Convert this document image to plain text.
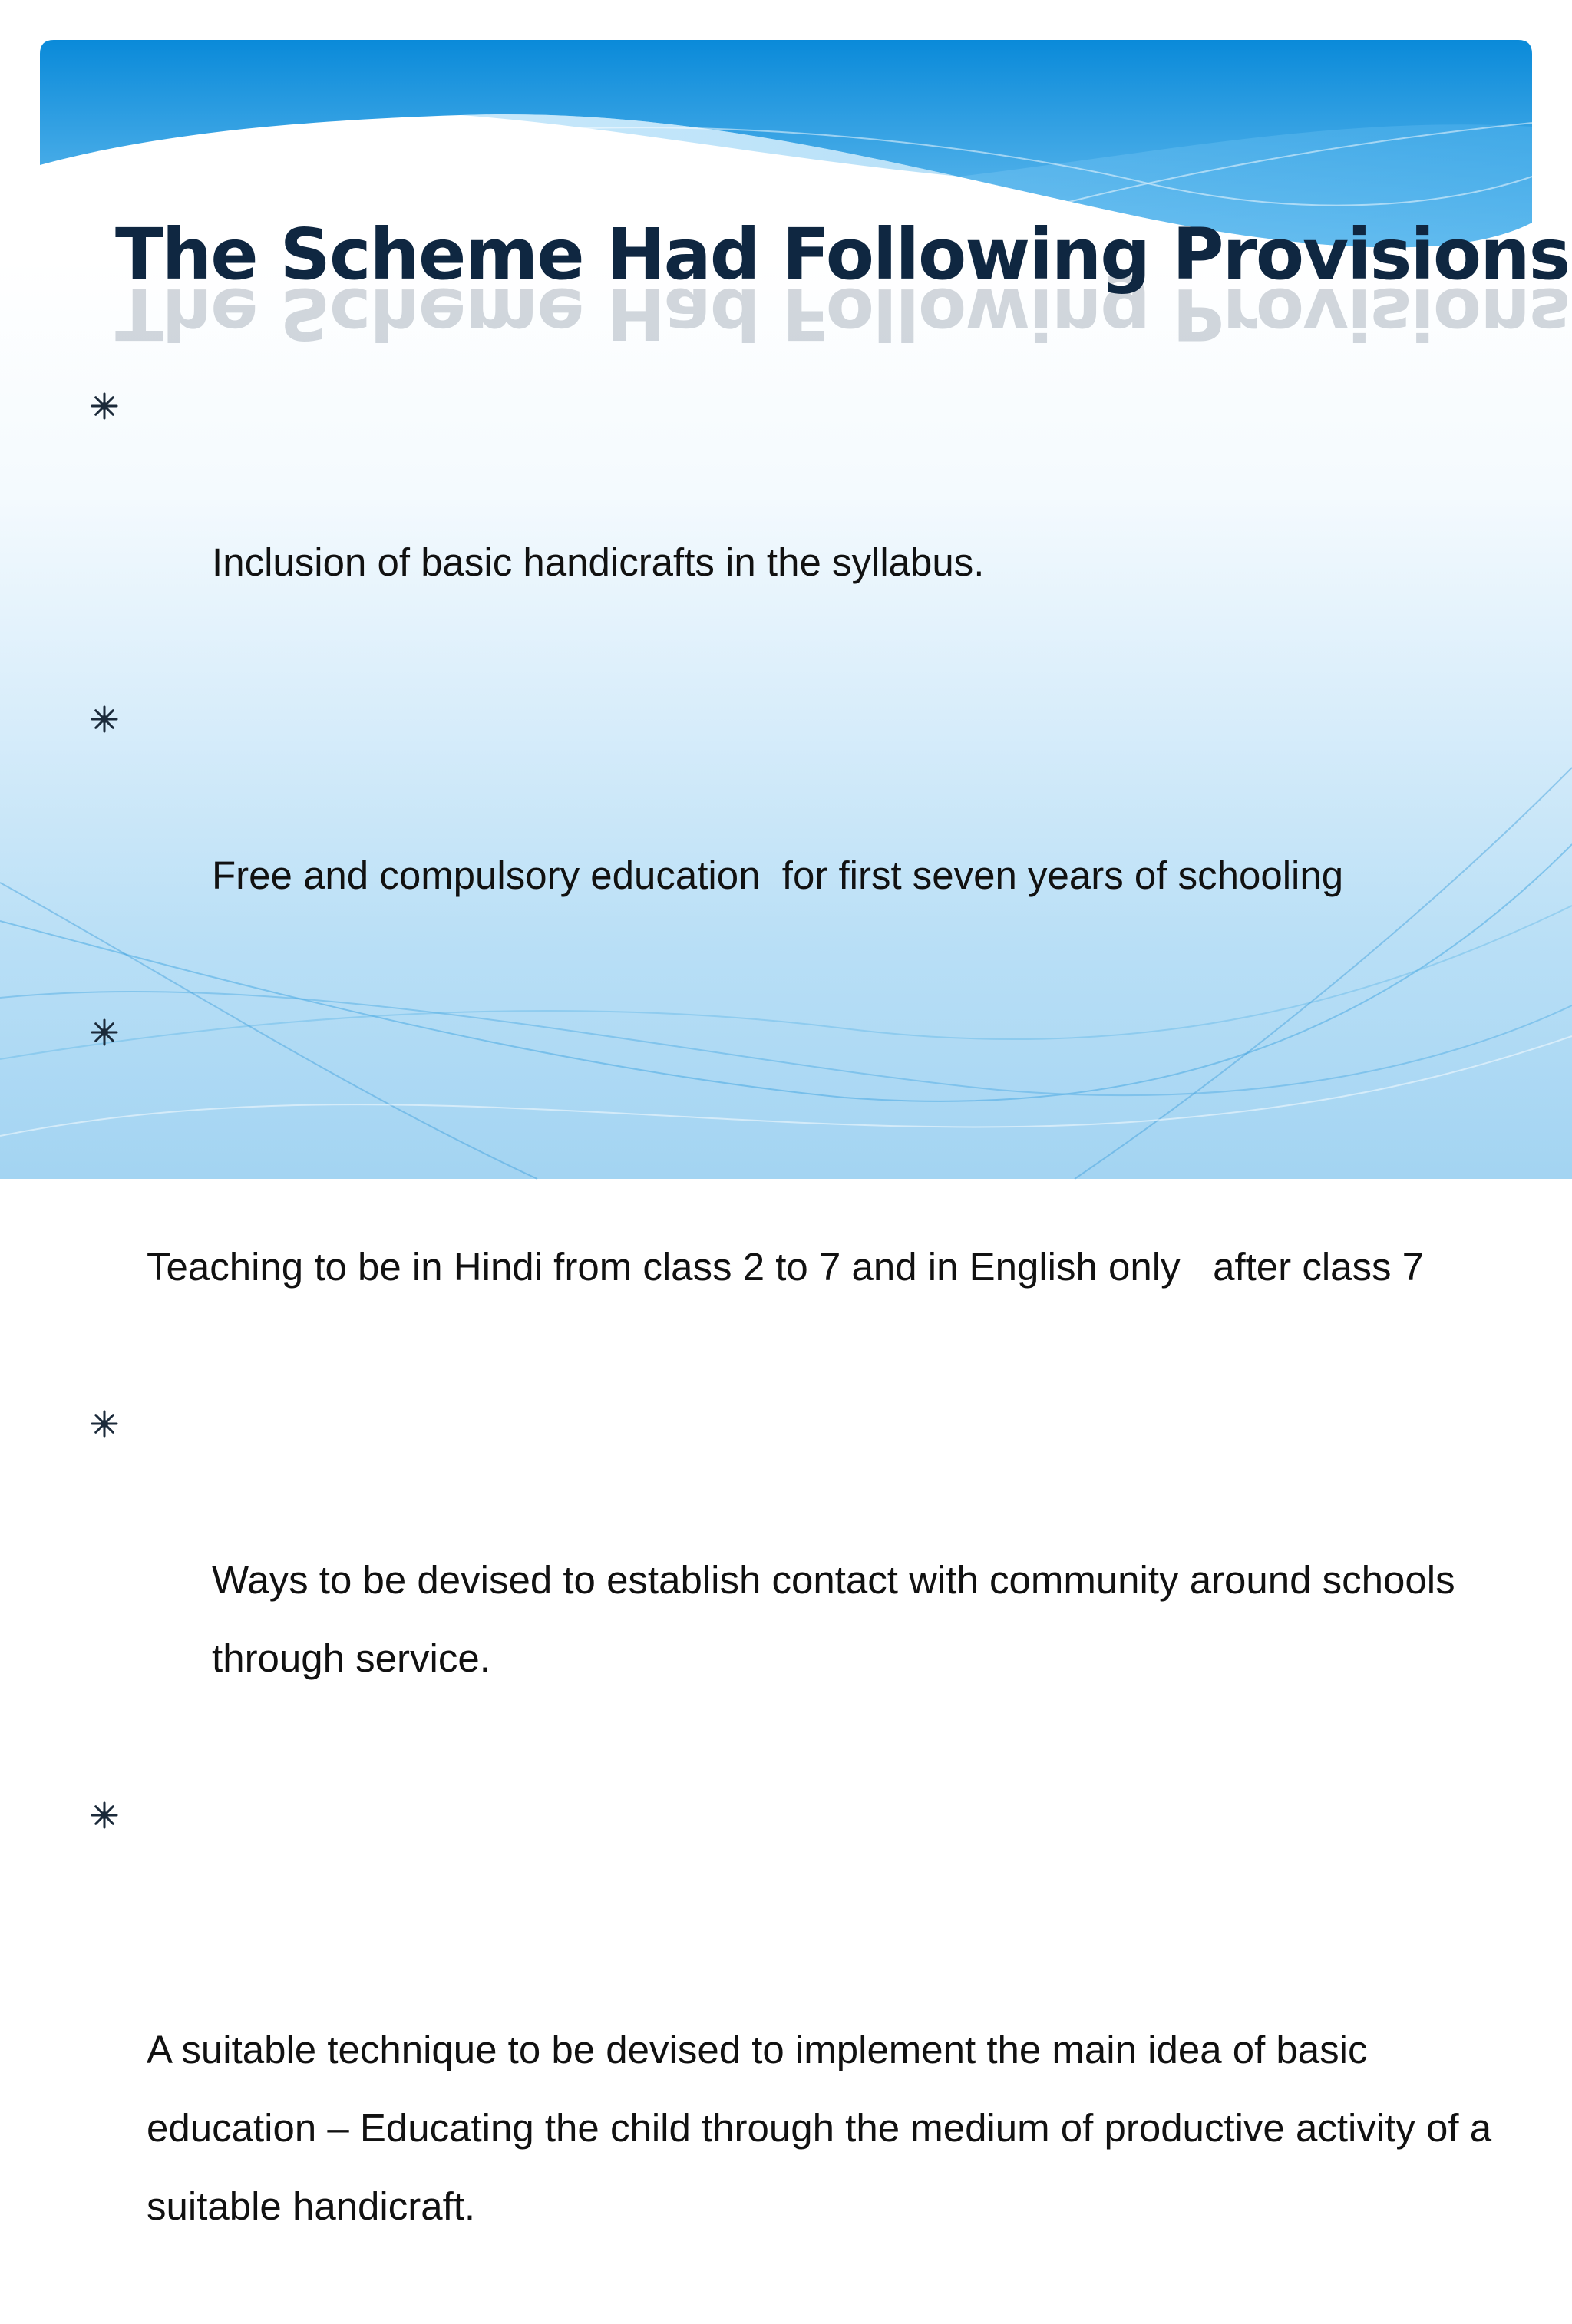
The Scheme Had Following Provisions
The Scheme Had Following Provisions

Inclusion of basic handicrafts in the syllabus.

Free and compulsory education  for first seven years of schooling

Teaching to be in Hindi from class 2 to 7 and in English only   after class 7

Ways to be devised to establish contact with community around schools through service.

A suitable technique to be devised to implement the main idea of basic education – Educating the child through the medium of productive activity of a suitable handicraft.
